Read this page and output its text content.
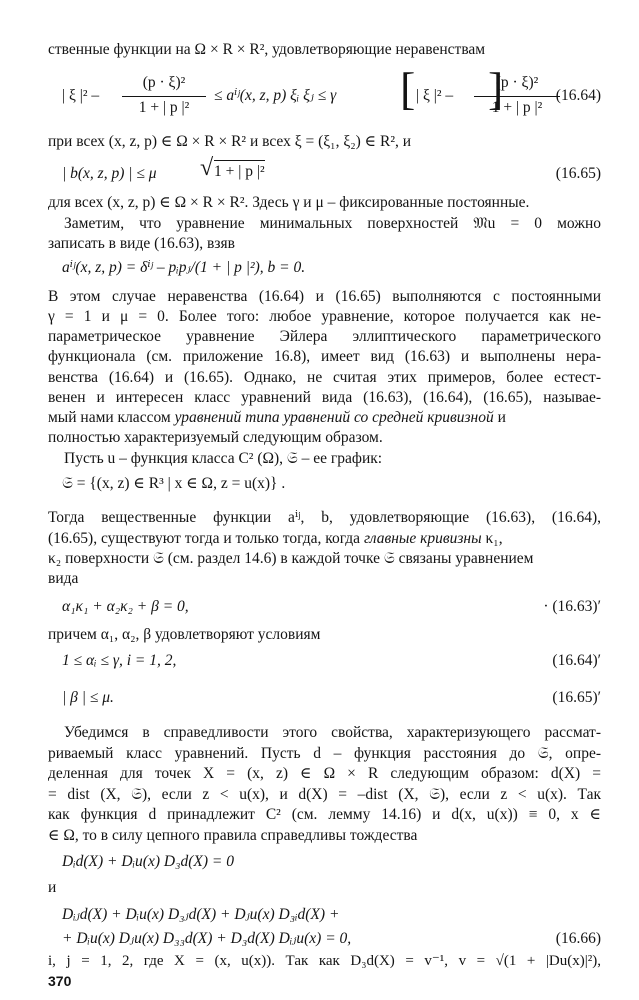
ственные функции на Ω × R × R², удовлетворяющие неравенствам
| ξ |² –
(p · ξ)²
1 + | p |²
≤ aⁱʲ(x, z, p) ξᵢ ξⱼ ≤ γ [ | ξ |² –
(p · ξ)²
1 + | p |²
]	(16.64)
при всех (x, z, p) ∈ Ω × R × R² и всех ξ = (ξ₁, ξ₂) ∈ R², и
| b(x, z, p) | ≤ μ √ 1 + | p |²	(16.65)
для всех (x, z, p) ∈ Ω × R × R². Здесь γ и μ – фиксированные постоянные.
Заметим, что уравнение минимальных поверхностей 𝔐u = 0 можно
записать в виде (16.63), взяв
aⁱʲ(x, z, p) = δⁱʲ – pᵢpⱼ/(1 + | p |²), b = 0.
В этом случае неравенства (16.64) и (16.65) выполняются с постоянными
γ = 1 и μ = 0. Более того: любое уравнение, которое получается как не-
параметрическое уравнение Эйлера эллиптического параметрического
функционала (см. приложение 16.8), имеет вид (16.63) и выполнены нера-
венства (16.64) и (16.65). Однако, не считая этих примеров, более естест-
венен и интересен класс уравнений вида (16.63), (16.64), (16.65), называе-
мый нами классом уравнений типа уравнений со средней кривизной и
полностью характеризуемый следующим образом.
Пусть u – функция класса C² (Ω), 𝔖 – ее график:
𝔖 = {(x, z) ∈ R³ | x ∈ Ω, z = u(x)} .
Тогда вещественные функции aⁱʲ, b, удовлетворяющие (16.63), (16.64),
(16.65), существуют тогда и только тогда, когда главные кривизны κ₁,
κ₂ поверхности 𝔖 (см. раздел 14.6) в каждой точке 𝔖 связаны уравнением
вида
α₁κ₁ + α₂κ₂ + β = 0,	· (16.63)′
причем α₁, α₂, β удовлетворяют условиям
1 ≤ αᵢ ≤ γ, i = 1, 2,	(16.64)′
| β | ≤ μ.	(16.65)′
Убедимся в справедливости этого свойства, характеризующего рассмат-
риваемый класс уравнений. Пусть d – функция расстояния до 𝔖, опре-
деленная для точек X = (x, z) ∈ Ω × R следующим образом: d(X) =
= dist (X, 𝔖), если z < u(x), и d(X) = –dist (X, 𝔖), если z < u(x). Так
как функция d принадлежит C² (см. лемму 14.16) и d(x, u(x)) ≡ 0, x ∈
∈ Ω, то в силу цепного правила справедливы тождества
Dᵢd(X) + Dᵢu(x) D₃d(X) = 0
и
Dᵢⱼd(X) + Dᵢu(x) D₃ⱼd(X) + Dⱼu(x) D₃ᵢd(X) +
370
+ Dᵢu(x) Dⱼu(x) D₃₃d(X) + D₃d(X) Dᵢⱼu(x) = 0,	(16.66)
i, j = 1, 2, где X = (x, u(x)). Так как D₃d(X) = v⁻¹, v = √(1 + |Du(x)|²),
